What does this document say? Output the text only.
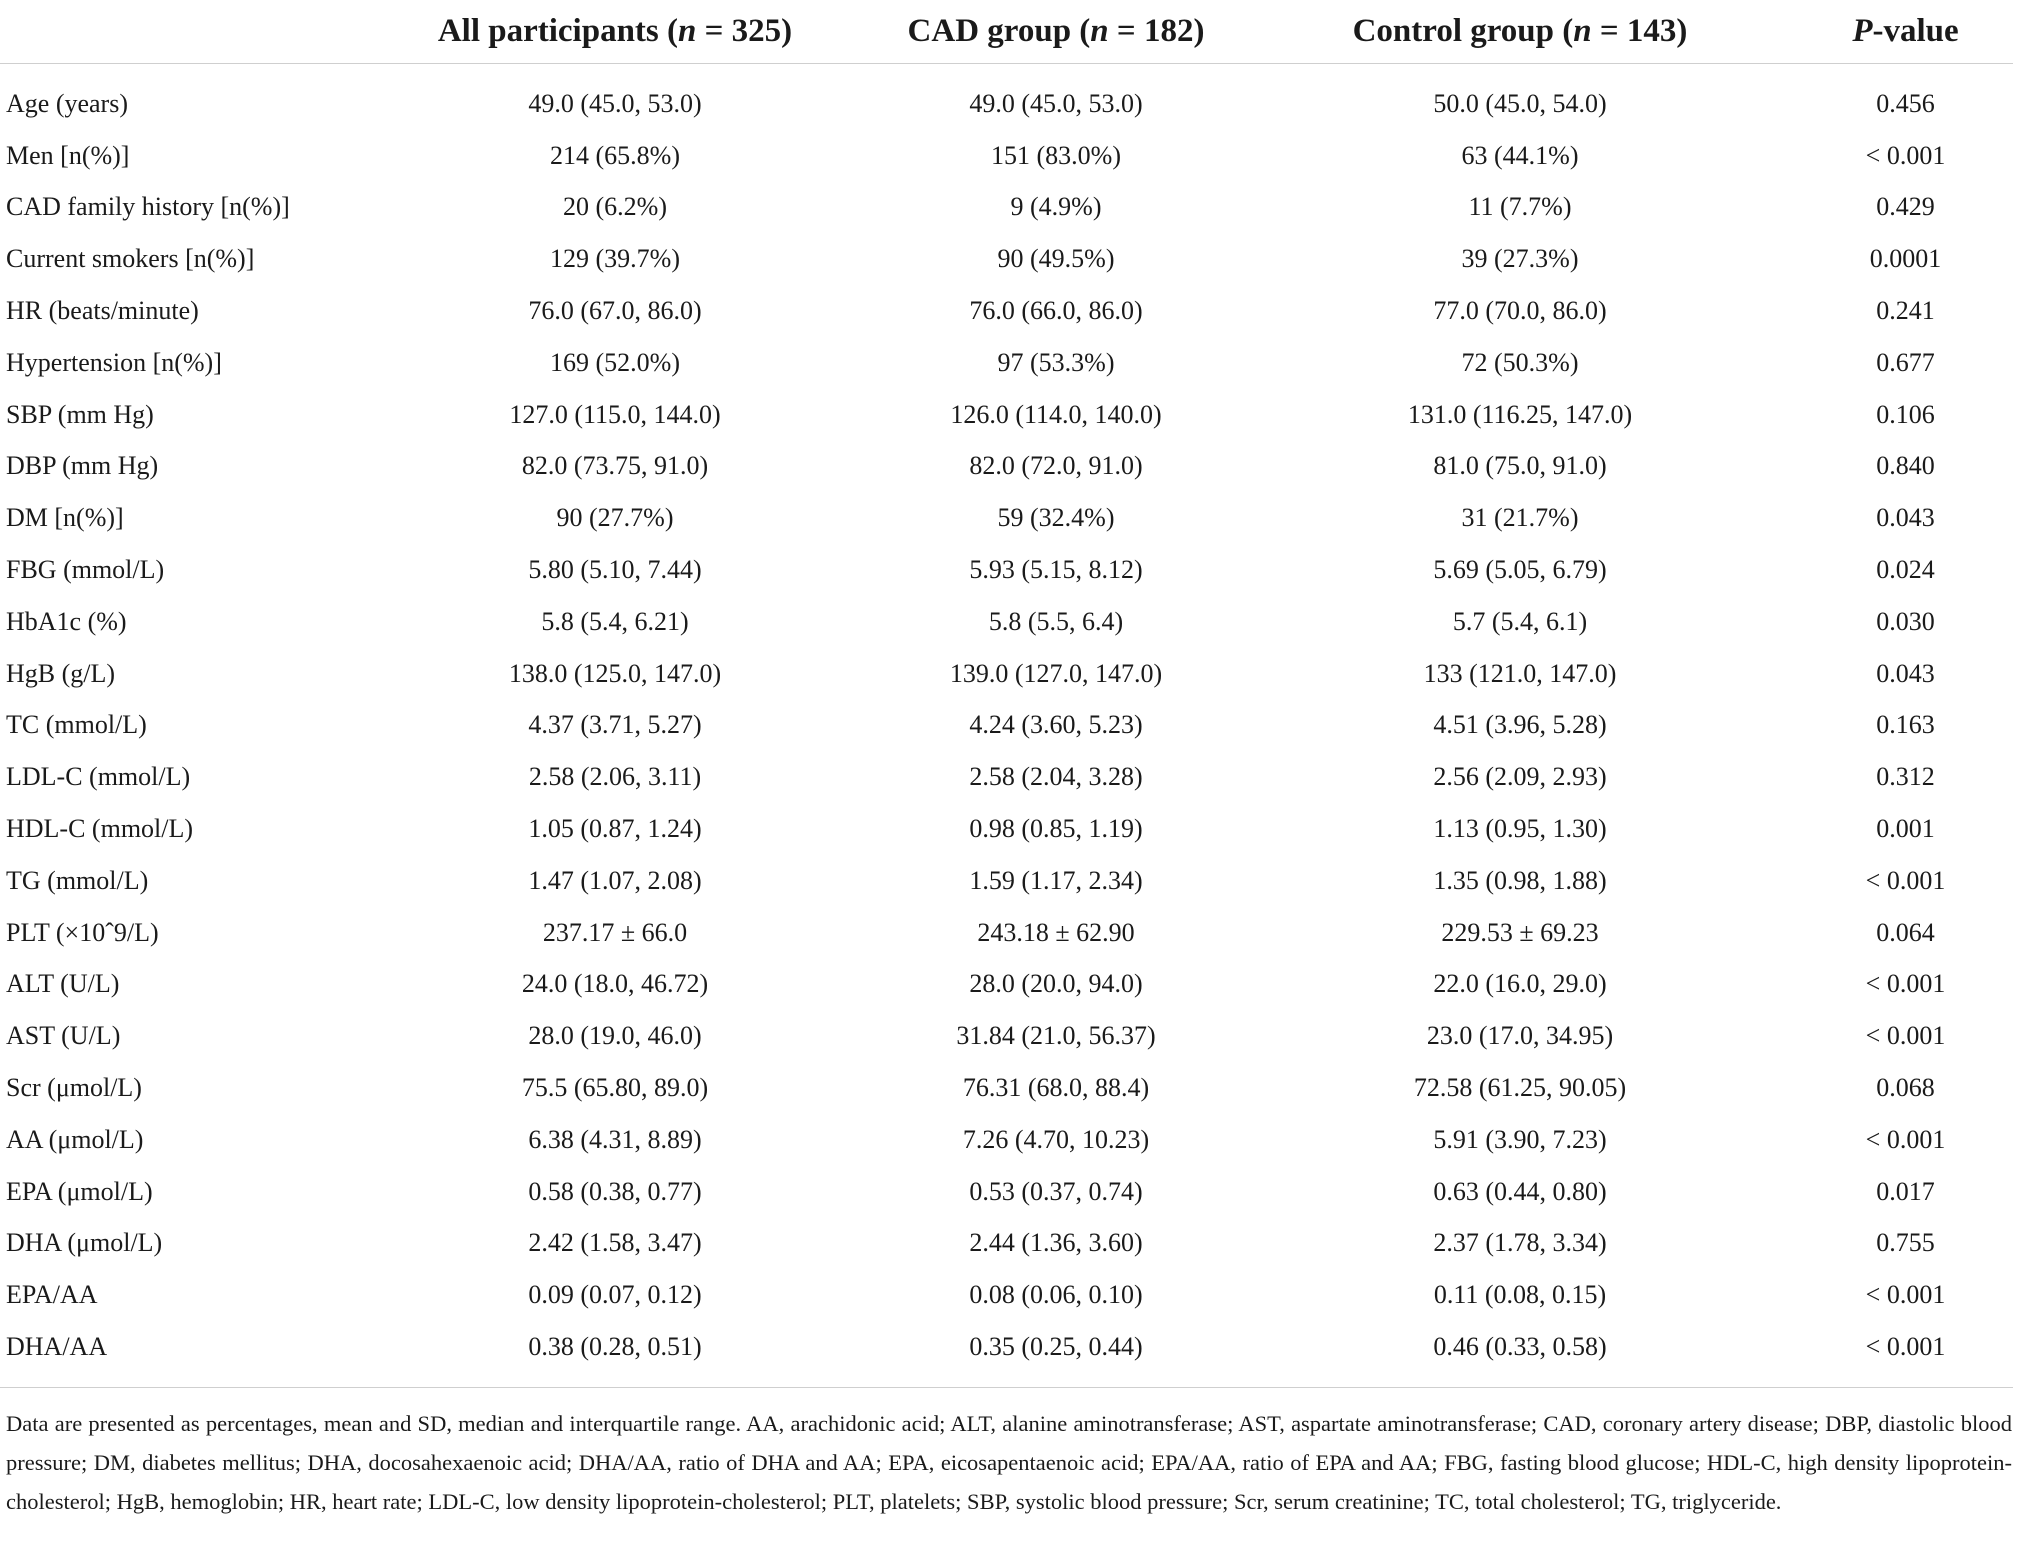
	All participants (n = 325)	CAD group (n = 182)	Control group (n = 143)	P-value
Age (years)	49.0 (45.0, 53.0)	49.0 (45.0, 53.0)	50.0 (45.0, 54.0)	0.456
Men [n(%)]	214 (65.8%)	151 (83.0%)	63 (44.1%)	< 0.001
CAD family history [n(%)]	20 (6.2%)	9 (4.9%)	11 (7.7%)	0.429
Current smokers [n(%)]	129 (39.7%)	90 (49.5%)	39 (27.3%)	0.0001
HR (beats/minute)	76.0 (67.0, 86.0)	76.0 (66.0, 86.0)	77.0 (70.0, 86.0)	0.241
Hypertension [n(%)]	169 (52.0%)	97 (53.3%)	72 (50.3%)	0.677
SBP (mm Hg)	127.0 (115.0, 144.0)	126.0 (114.0, 140.0)	131.0 (116.25, 147.0)	0.106
DBP (mm Hg)	82.0 (73.75, 91.0)	82.0 (72.0, 91.0)	81.0 (75.0, 91.0)	0.840
DM [n(%)]	90 (27.7%)	59 (32.4%)	31 (21.7%)	0.043
FBG (mmol/L)	5.80 (5.10, 7.44)	5.93 (5.15, 8.12)	5.69 (5.05, 6.79)	0.024
HbA1c (%)	5.8 (5.4, 6.21)	5.8 (5.5, 6.4)	5.7 (5.4, 6.1)	0.030
HgB (g/L)	138.0 (125.0, 147.0)	139.0 (127.0, 147.0)	133 (121.0, 147.0)	0.043
TC (mmol/L)	4.37 (3.71, 5.27)	4.24 (3.60, 5.23)	4.51 (3.96, 5.28)	0.163
LDL-C (mmol/L)	2.58 (2.06, 3.11)	2.58 (2.04, 3.28)	2.56 (2.09, 2.93)	0.312
HDL-C (mmol/L)	1.05 (0.87, 1.24)	0.98 (0.85, 1.19)	1.13 (0.95, 1.30)	0.001
TG (mmol/L)	1.47 (1.07, 2.08)	1.59 (1.17, 2.34)	1.35 (0.98, 1.88)	< 0.001
PLT (×10ˆ9/L)	237.17 ± 66.0	243.18 ± 62.90	229.53 ± 69.23	0.064
ALT (U/L)	24.0 (18.0, 46.72)	28.0 (20.0, 94.0)	22.0 (16.0, 29.0)	< 0.001
AST (U/L)	28.0 (19.0, 46.0)	31.84 (21.0, 56.37)	23.0 (17.0, 34.95)	< 0.001
Scr (μmol/L)	75.5 (65.80, 89.0)	76.31 (68.0, 88.4)	72.58 (61.25, 90.05)	0.068
AA (μmol/L)	6.38 (4.31, 8.89)	7.26 (4.70, 10.23)	5.91 (3.90, 7.23)	< 0.001
EPA (μmol/L)	0.58 (0.38, 0.77)	0.53 (0.37, 0.74)	0.63 (0.44, 0.80)	0.017
DHA (μmol/L)	2.42 (1.58, 3.47)	2.44 (1.36, 3.60)	2.37 (1.78, 3.34)	0.755
EPA/AA	0.09 (0.07, 0.12)	0.08 (0.06, 0.10)	0.11 (0.08, 0.15)	< 0.001
DHA/AA	0.38 (0.28, 0.51)	0.35 (0.25, 0.44)	0.46 (0.33, 0.58)	< 0.001
Data are presented as percentages, mean and SD, median and interquartile range. AA, arachidonic acid; ALT, alanine aminotransferase; AST, aspartate aminotransferase; CAD, coronary artery disease; DBP, diastolic blood pressure; DM, diabetes mellitus; DHA, docosahexaenoic acid; DHA/AA, ratio of DHA and AA; EPA, eicosapentaenoic acid; EPA/AA, ratio of EPA and AA; FBG, fasting blood glucose; HDL-C, high density lipoprotein-cholesterol; HgB, hemoglobin; HR, heart rate; LDL-C, low density lipoprotein-cholesterol; PLT, platelets; SBP, systolic blood pressure; Scr, serum creatinine; TC, total cholesterol; TG, triglyceride.
